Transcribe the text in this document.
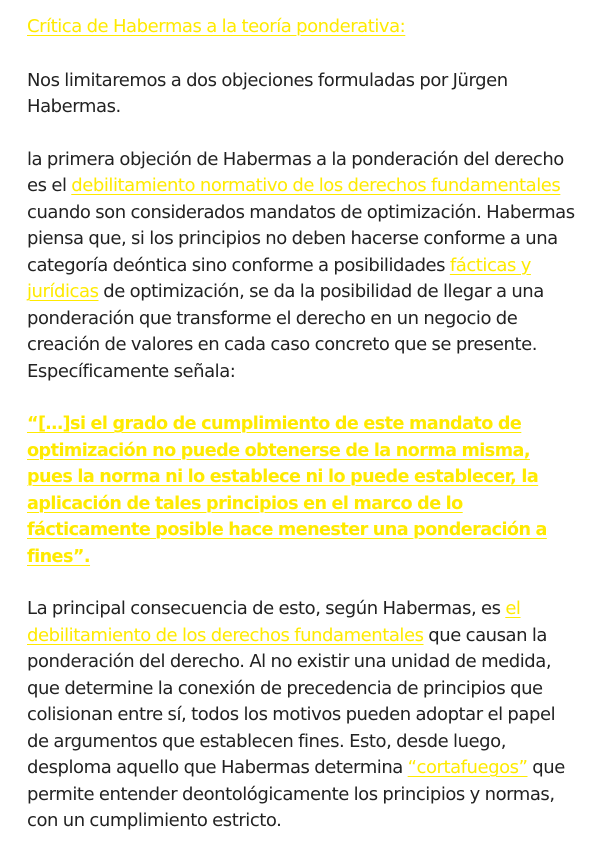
Crítica de Habermas a la teoría ponderativa:

Nos limitaremos a dos objeciones formuladas por Jürgen Habermas.

la primera objeción de Habermas a la ponderación del derecho es el debilitamiento normativo de los derechos fundamentales cuando son considerados mandatos de optimización. Habermas piensa que, si los principios no deben hacerse conforme a una categoría deóntica sino conforme a posibilidades fácticas y jurídicas de optimización, se da la posibilidad de llegar a una ponderación que transforme el derecho en un negocio de creación de valores en cada caso concreto que se presente. Específicamente señala:

“[…]si el grado de cumplimiento de este mandato de optimización no puede obtenerse de la norma misma, pues la norma ni lo establece ni lo puede establecer, la aplicación de tales principios en el marco de lo fácticamente posible hace menester una ponderación a fines”.

La principal consecuencia de esto, según Habermas, es el debilitamiento de los derechos fundamentales que causan la ponderación del derecho. Al no existir una unidad de medida, que determine la conexión de precedencia de principios que colisionan entre sí, todos los motivos pueden adoptar el papel de argumentos que establecen fines. Esto, desde luego, desploma aquello que Habermas determina “cortafuegos” que permite entender deontológicamente los principios y normas, con un cumplimiento estricto.
